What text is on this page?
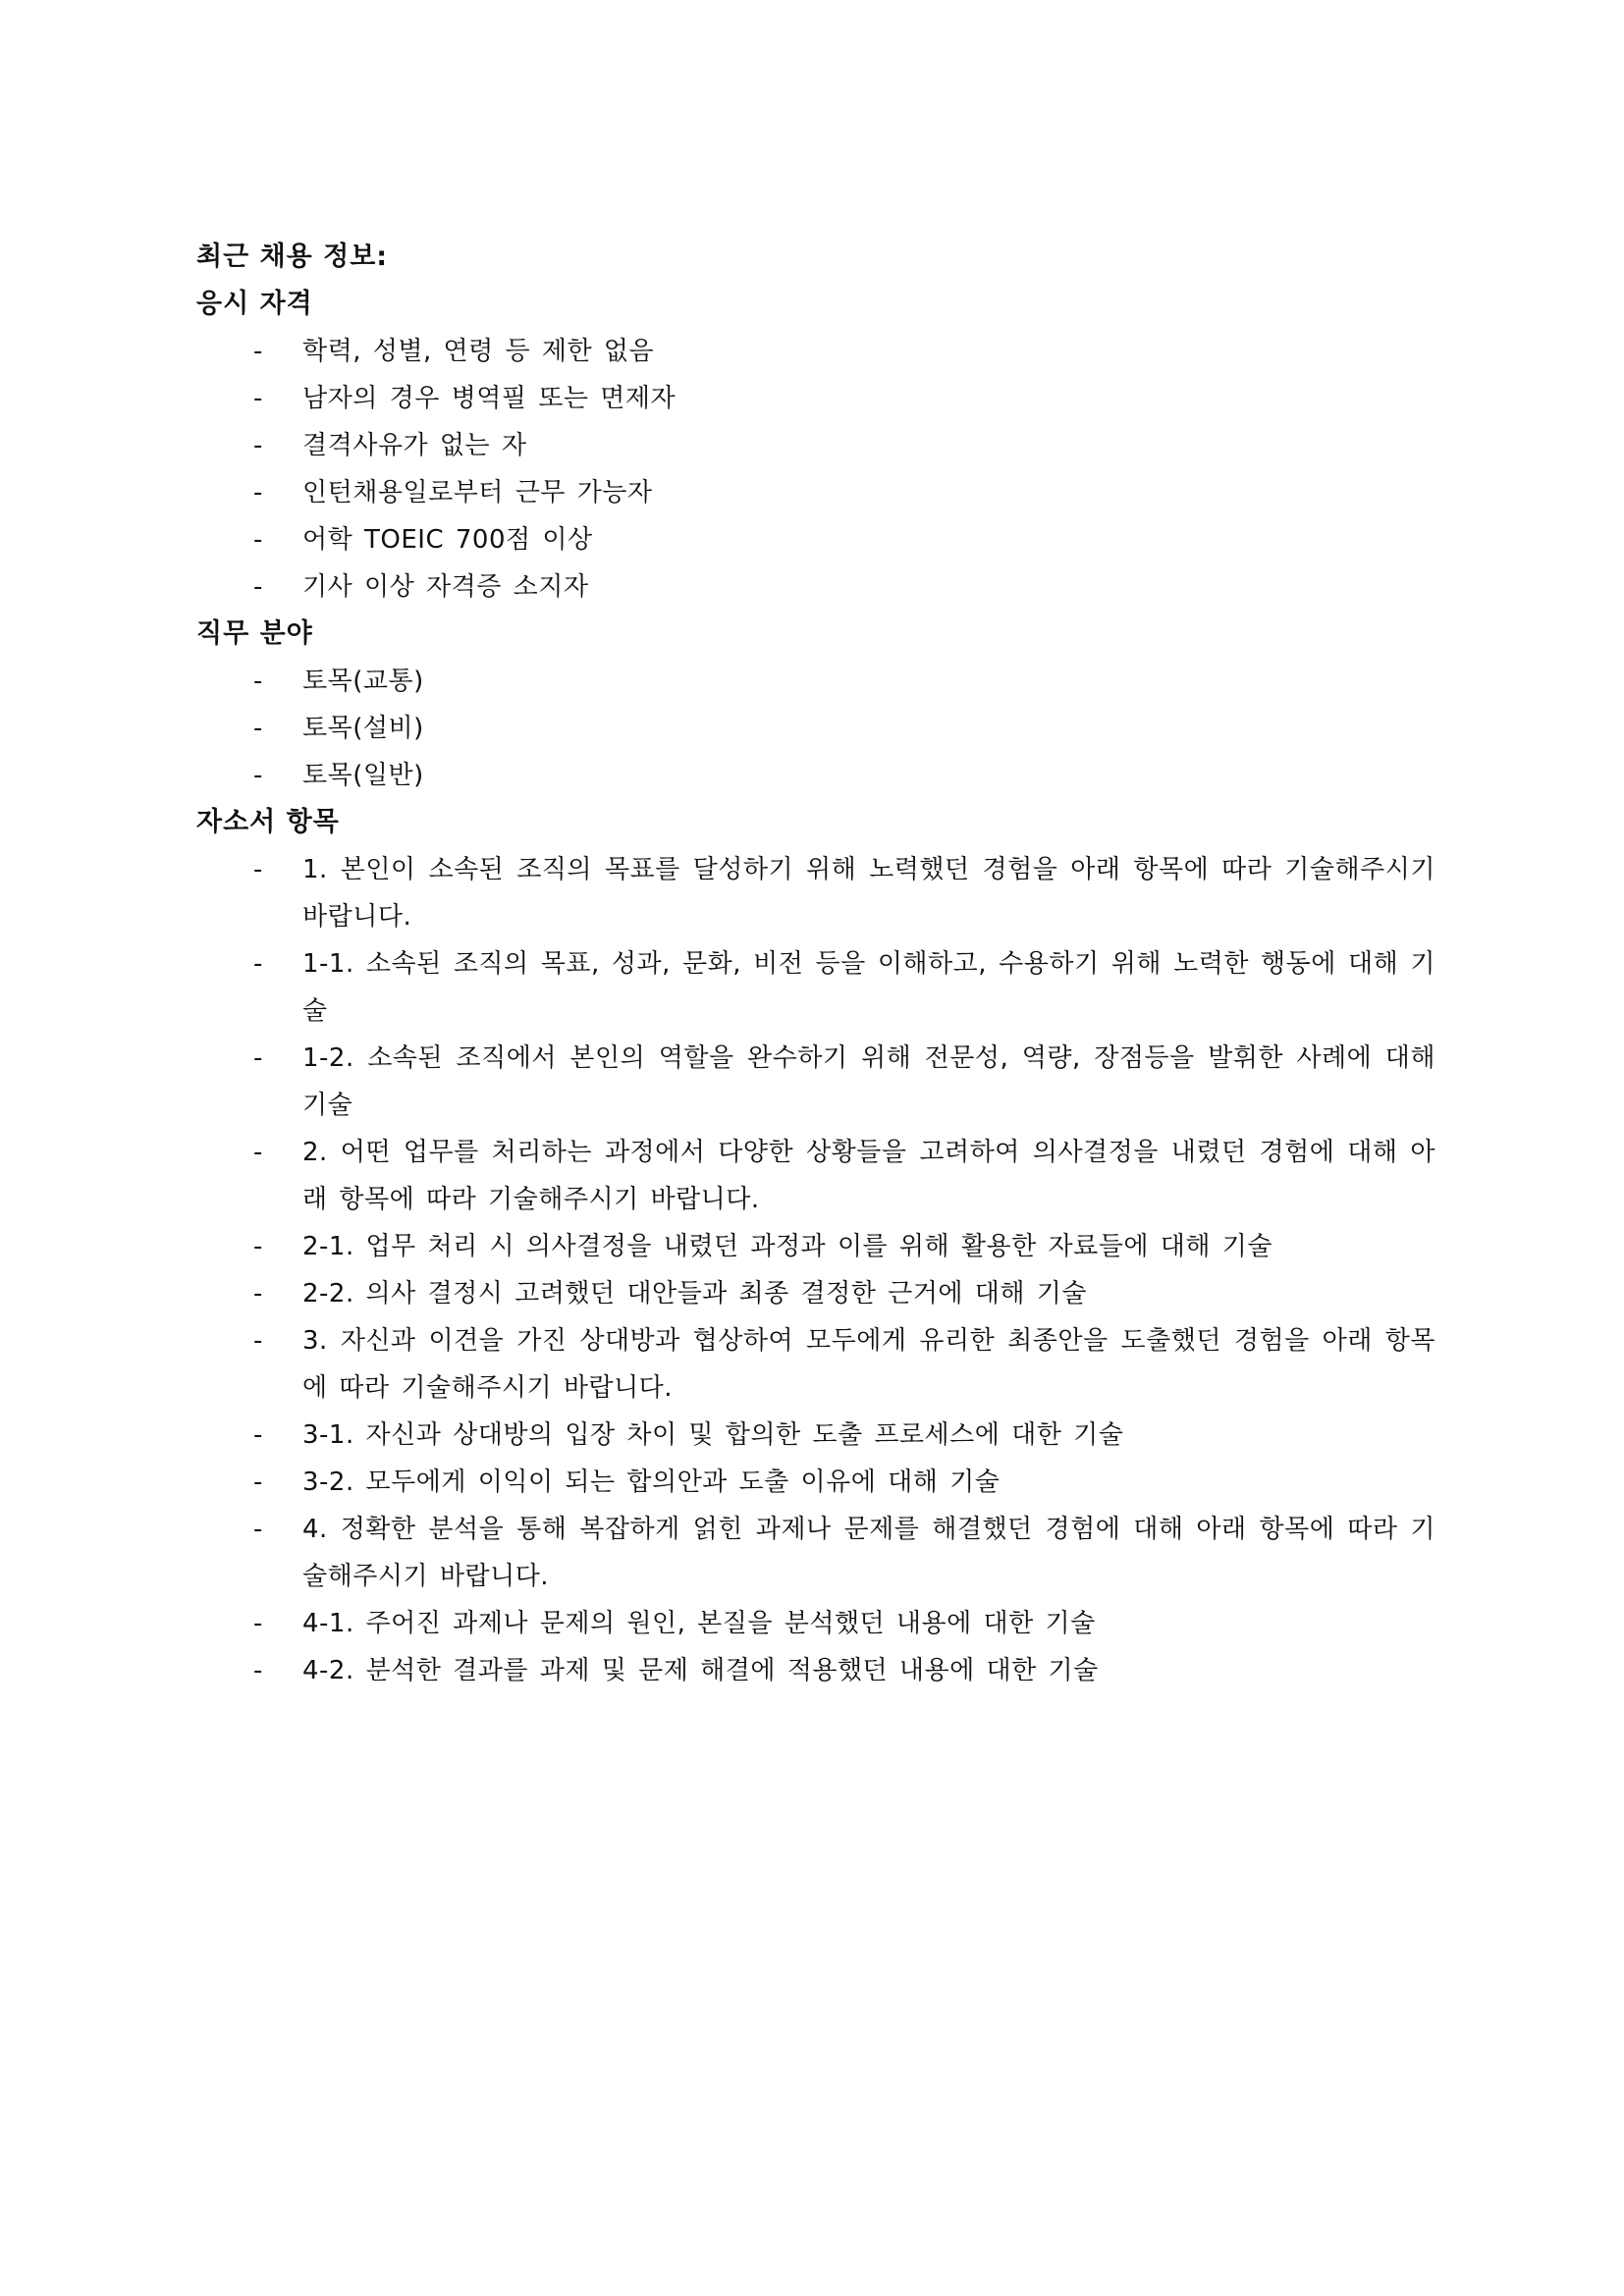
최근 채용 정보:
응시 자격
- 학력, 성별, 연령 등 제한 없음
- 남자의 경우 병역필 또는 면제자
- 결격사유가 없는 자
- 인턴채용일로부터 근무 가능자
- 어학 TOEIC 700점 이상
- 기사 이상 자격증 소지자
직무 분야
- 토목(교통)
- 토목(설비)
- 토목(일반)
자소서 항목
- 1. 본인이 소속된 조직의 목표를 달성하기 위해 노력했던 경험을 아래 항목에 따라 기술해주시기 바랍니다.
- 1-1. 소속된 조직의 목표, 성과, 문화, 비전 등을 이해하고, 수용하기 위해 노력한 행동에 대해 기술
- 1-2. 소속된 조직에서 본인의 역할을 완수하기 위해 전문성, 역량, 장점등을 발휘한 사례에 대해 기술
- 2. 어떤 업무를 처리하는 과정에서 다양한 상황들을 고려하여 의사결정을 내렸던 경험에 대해 아래 항목에 따라 기술해주시기 바랍니다.
- 2-1. 업무 처리 시 의사결정을 내렸던 과정과 이를 위해 활용한 자료들에 대해 기술
- 2-2. 의사 결정시 고려했던 대안들과 최종 결정한 근거에 대해 기술
- 3. 자신과 이견을 가진 상대방과 협상하여 모두에게 유리한 최종안을 도출했던 경험을 아래 항목에 따라 기술해주시기 바랍니다.
- 3-1. 자신과 상대방의 입장 차이 및 합의한 도출 프로세스에 대한 기술
- 3-2. 모두에게 이익이 되는 합의안과 도출 이유에 대해 기술
- 4. 정확한 분석을 통해 복잡하게 얽힌 과제나 문제를 해결했던 경험에 대해 아래 항목에 따라 기술해주시기 바랍니다.
- 4-1. 주어진 과제나 문제의 원인, 본질을 분석했던 내용에 대한 기술
- 4-2. 분석한 결과를 과제 및 문제 해결에 적용했던 내용에 대한 기술
